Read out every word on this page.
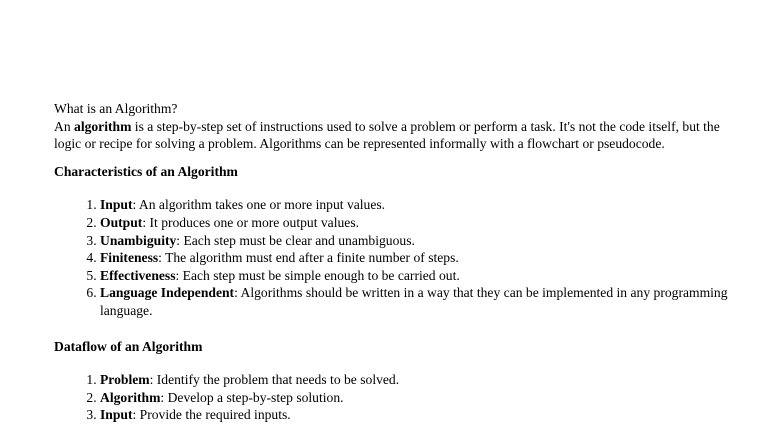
What is an Algorithm?

An algorithm is a step-by-step set of instructions used to solve a problem or perform a task. It's not the code itself, but the logic or recipe for solving a problem. Algorithms can be represented informally with a flowchart or pseudocode.

Characteristics of an Algorithm
1. Input: An algorithm takes one or more input values.
2. Output: It produces one or more output values.
3. Unambiguity: Each step must be clear and unambiguous.
4. Finiteness: The algorithm must end after a finite number of steps.
5. Effectiveness: Each step must be simple enough to be carried out.
6. Language Independent: Algorithms should be written in a way that they can be implemented in any programming language.
Dataflow of an Algorithm
1. Problem: Identify the problem that needs to be solved.
2. Algorithm: Develop a step-by-step solution.
3. Input: Provide the required inputs.
